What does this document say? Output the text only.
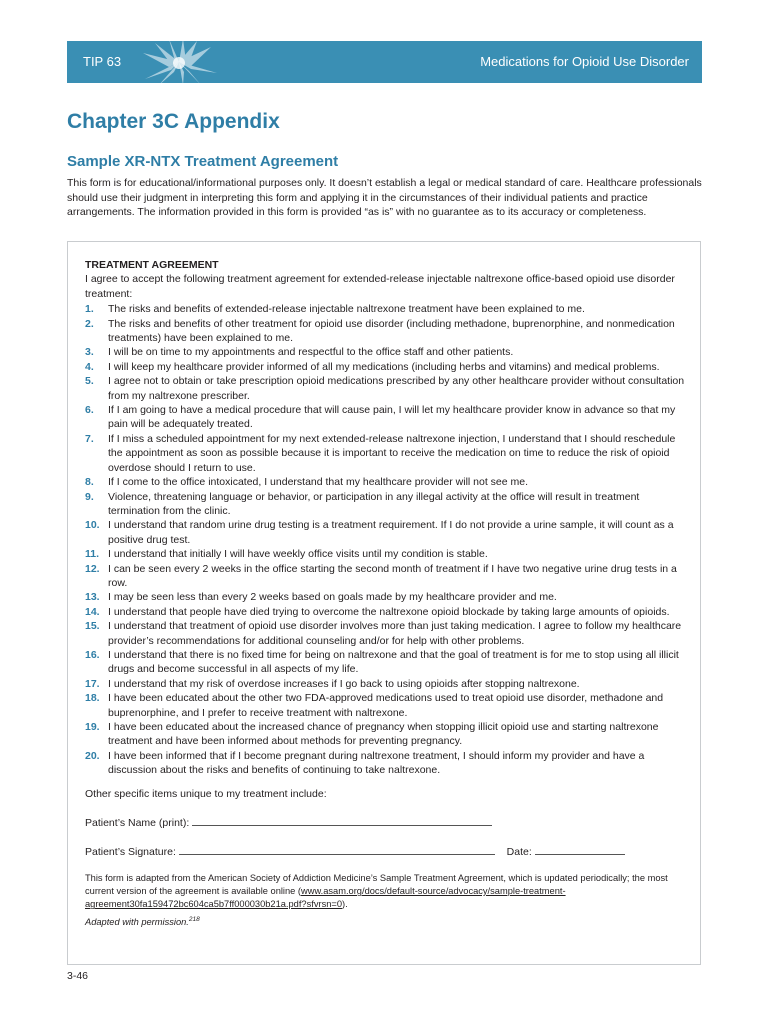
TIP 63	Medications for Opioid Use Disorder
Chapter 3C Appendix
Sample XR-NTX Treatment Agreement

This form is for educational/informational purposes only. It doesn’t establish a legal or medical standard of care. Healthcare professionals should use their judgment in interpreting this form and applying it in the circumstances of their individual patients and practice arrangements. The information provided in this form is provided “as is” with no guarantee as to its accuracy or completeness.

TREATMENT AGREEMENT

I agree to accept the following treatment agreement for extended-release injectable naltrexone office-based opioid use disorder treatment:

1. The risks and benefits of extended-release injectable naltrexone treatment have been explained to me.
2. The risks and benefits of other treatment for opioid use disorder (including methadone, buprenorphine, and nonmedication treatments) have been explained to me.
3. I will be on time to my appointments and respectful to the office staff and other patients.
4. I will keep my healthcare provider informed of all my medications (including herbs and vitamins) and medical problems.
5. I agree not to obtain or take prescription opioid medications prescribed by any other healthcare provider without consultation from my naltrexone prescriber.
6. If I am going to have a medical procedure that will cause pain, I will let my healthcare provider know in advance so that my pain will be adequately treated.
7. If I miss a scheduled appointment for my next extended-release naltrexone injection, I understand that I should reschedule the appointment as soon as possible because it is important to receive the medication on time to reduce the risk of opioid overdose should I return to use.
8. If I come to the office intoxicated, I understand that my healthcare provider will not see me.
9. Violence, threatening language or behavior, or participation in any illegal activity at the office will result in treatment termination from the clinic.
10. I understand that random urine drug testing is a treatment requirement. If I do not provide a urine sample, it will count as a positive drug test.
11. I understand that initially I will have weekly office visits until my condition is stable.
12. I can be seen every 2 weeks in the office starting the second month of treatment if I have two negative urine drug tests in a row.
13. I may be seen less than every 2 weeks based on goals made by my healthcare provider and me.
14. I understand that people have died trying to overcome the naltrexone opioid blockade by taking large amounts of opioids.
15. I understand that treatment of opioid use disorder involves more than just taking medication. I agree to follow my healthcare provider’s recommendations for additional counseling and/or for help with other problems.
16. I understand that there is no fixed time for being on naltrexone and that the goal of treatment is for me to stop using all illicit drugs and become successful in all aspects of my life.
17. I understand that my risk of overdose increases if I go back to using opioids after stopping naltrexone.
18. I have been educated about the other two FDA-approved medications used to treat opioid use disorder, methadone and buprenorphine, and I prefer to receive treatment with naltrexone.
19. I have been educated about the increased chance of pregnancy when stopping illicit opioid use and starting naltrexone treatment and have been informed about methods for preventing pregnancy.
20. I have been informed that if I become pregnant during naltrexone treatment, I should inform my provider and have a discussion about the risks and benefits of continuing to take naltrexone.

Other specific items unique to my treatment include:

Patient’s Name (print):

Patient’s Signature:	Date:

This form is adapted from the American Society of Addiction Medicine’s Sample Treatment Agreement, which is updated periodically; the most current version of the agreement is available online (www.asam.org/docs/default-source/advocacy/sample-treatment-agreement30fa159472bc604ca5b7ff000030b21a.pdf?sfvrsn=0).

Adapted with permission.$^{218}$

3-46
